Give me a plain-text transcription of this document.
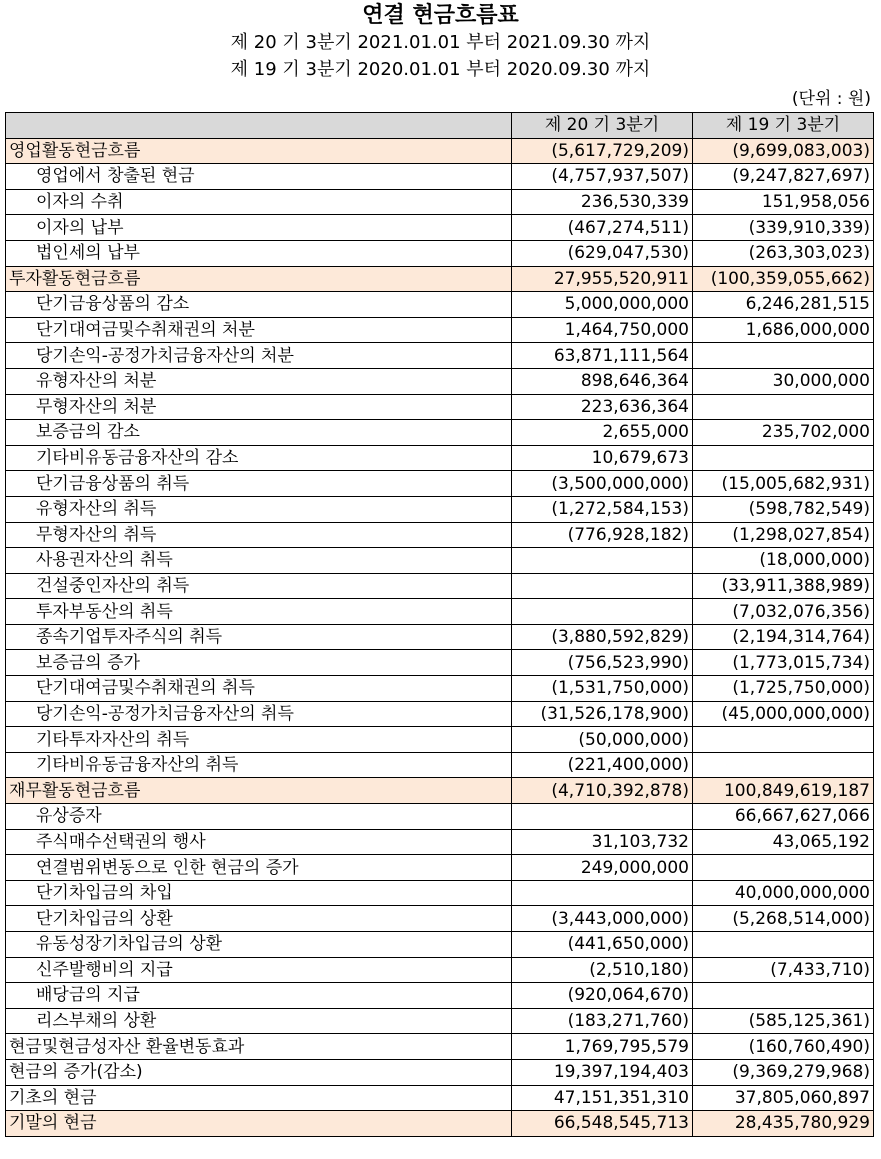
연결 현금흐름표
제 20 기 3분기 2021.01.01 부터 2021.09.30 까지
제 19 기 3분기 2020.01.01 부터 2020.09.30 까지
(단위 : 원)
	제 20 기 3분기	제 19 기 3분기
영업활동현금흐름	(5,617,729,209)	(9,699,083,003)
영업에서 창출된 현금	(4,757,937,507)	(9,247,827,697)
이자의 수취	236,530,339	151,958,056
이자의 납부	(467,274,511)	(339,910,339)
법인세의 납부	(629,047,530)	(263,303,023)
투자활동현금흐름	27,955,520,911	(100,359,055,662)
단기금융상품의 감소	5,000,000,000	6,246,281,515
단기대여금및수취채권의 처분	1,464,750,000	1,686,000,000
당기손익-공정가치금융자산의 처분	63,871,111,564	
유형자산의 처분	898,646,364	30,000,000
무형자산의 처분	223,636,364	
보증금의 감소	2,655,000	235,702,000
기타비유동금융자산의 감소	10,679,673	
단기금융상품의 취득	(3,500,000,000)	(15,005,682,931)
유형자산의 취득	(1,272,584,153)	(598,782,549)
무형자산의 취득	(776,928,182)	(1,298,027,854)
사용권자산의 취득		(18,000,000)
건설중인자산의 취득		(33,911,388,989)
투자부동산의 취득		(7,032,076,356)
종속기업투자주식의 취득	(3,880,592,829)	(2,194,314,764)
보증금의 증가	(756,523,990)	(1,773,015,734)
단기대여금및수취채권의 취득	(1,531,750,000)	(1,725,750,000)
당기손익-공정가치금융자산의 취득	(31,526,178,900)	(45,000,000,000)
기타투자자산의 취득	(50,000,000)	
기타비유동금융자산의 취득	(221,400,000)	
재무활동현금흐름	(4,710,392,878)	100,849,619,187
유상증자		66,667,627,066
주식매수선택권의 행사	31,103,732	43,065,192
연결범위변동으로 인한 현금의 증가	249,000,000	
단기차입금의 차입		40,000,000,000
단기차입금의 상환	(3,443,000,000)	(5,268,514,000)
유동성장기차입금의 상환	(441,650,000)	
신주발행비의 지급	(2,510,180)	(7,433,710)
배당금의 지급	(920,064,670)	
리스부채의 상환	(183,271,760)	(585,125,361)
현금및현금성자산 환율변동효과	1,769,795,579	(160,760,490)
현금의 증가(감소)	19,397,194,403	(9,369,279,968)
기초의 현금	47,151,351,310	37,805,060,897
기말의 현금	66,548,545,713	28,435,780,929
